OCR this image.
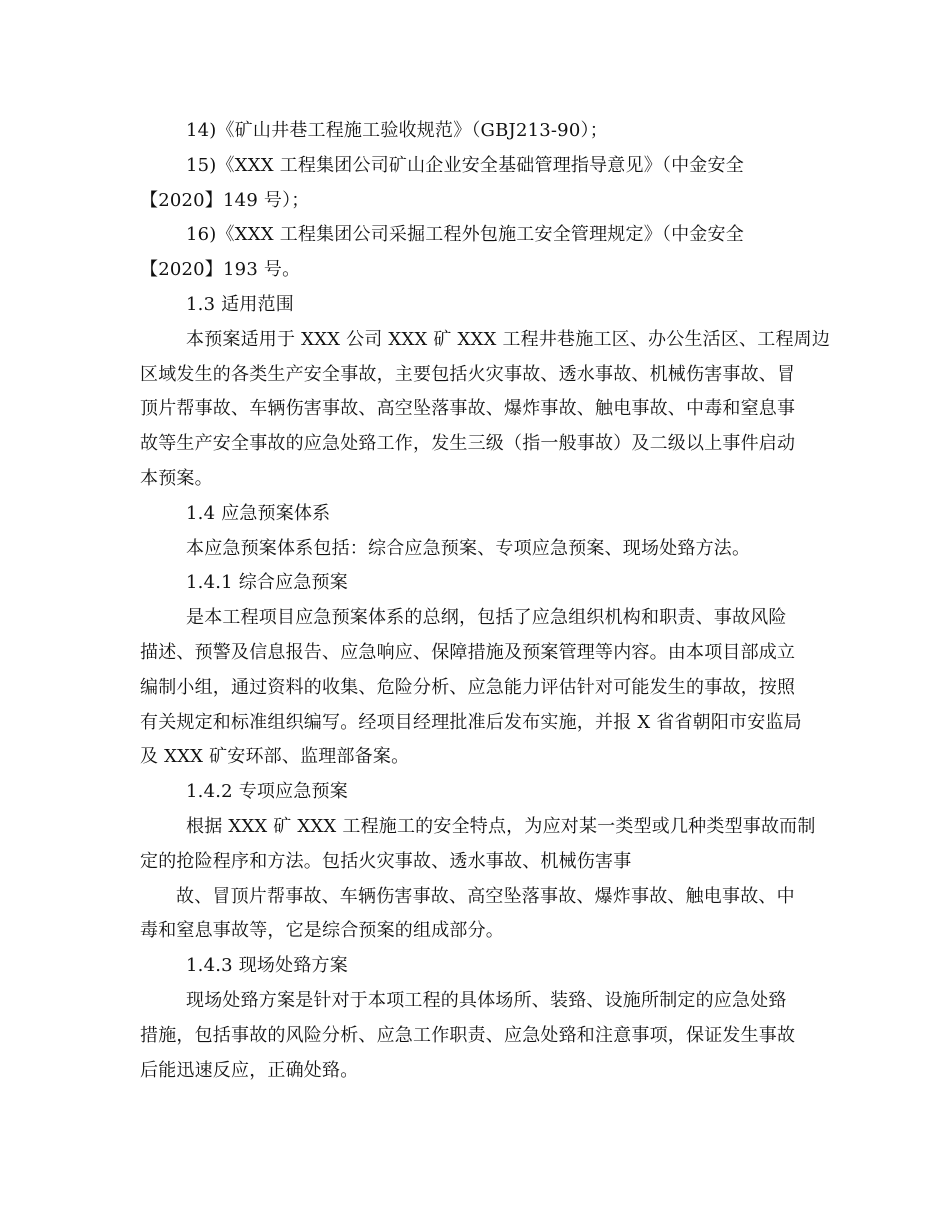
14)《矿山井巷工程施工验收规范》（GBJ213-90）；
15)《XXX 工程集团公司矿山企业安全基础管理指导意见》（中金安全
【2020】149 号）；
16)《XXX 工程集团公司采掘工程外包施工安全管理规定》（中金安全
【2020】193 号。
1.3 适用范围
本预案适用于 XXX 公司 XXX 矿 XXX 工程井巷施工区、办公生活区、工程周边
区域发生的各类生产安全事故，主要包括火灾事故、透水事故、机械伤害事故、冒
顶片帮事故、车辆伤害事故、高空坠落事故、爆炸事故、触电事故、中毒和窒息事
故等生产安全事故的应急处臵工作，发生三级（指一般事故）及二级以上事件启动
本预案。
1.4 应急预案体系
本应急预案体系包括：综合应急预案、专项应急预案、现场处臵方法。
1.4.1 综合应急预案
是本工程项目应急预案体系的总纲，包括了应急组织机构和职责、事故风险
描述、预警及信息报告、应急响应、保障措施及预案管理等内容。由本项目部成立
编制小组，通过资料的收集、危险分析、应急能力评估针对可能发生的事故，按照
有关规定和标准组织编写。经项目经理批准后发布实施，并报 X 省省朝阳市安监局
及 XXX 矿安环部、监理部备案。
1.4.2 专项应急预案
根据 XXX 矿 XXX 工程施工的安全特点，为应对某一类型或几种类型事故而制
定的抢险程序和方法。包括火灾事故、透水事故、机械伤害事
故、冒顶片帮事故、车辆伤害事故、高空坠落事故、爆炸事故、触电事故、中
毒和窒息事故等，它是综合预案的组成部分。
1.4.3 现场处臵方案
现场处臵方案是针对于本项工程的具体场所、装臵、设施所制定的应急处臵
措施，包括事故的风险分析、应急工作职责、应急处臵和注意事项，保证发生事故
后能迅速反应，正确处臵。
